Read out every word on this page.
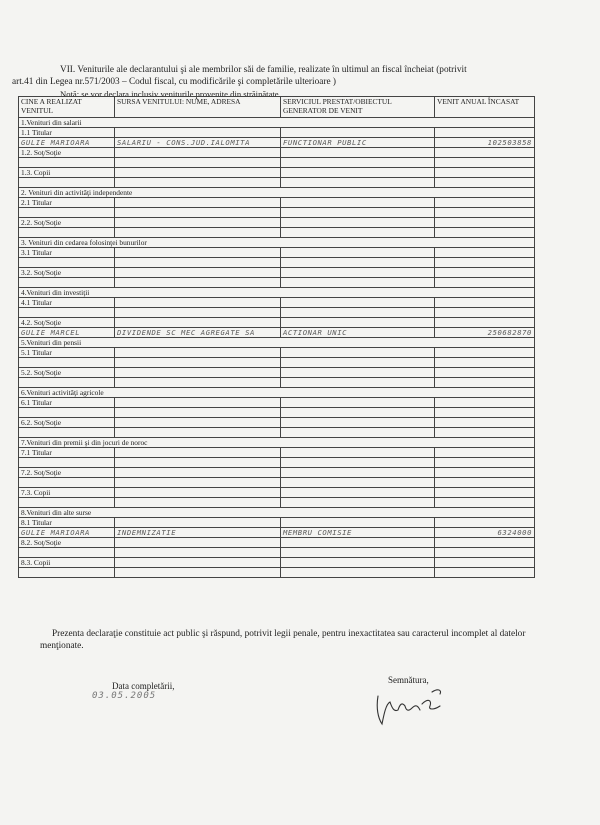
VII. Veniturile ale declarantului şi ale membrilor săi de familie, realizate în ultimul an fiscal încheiat (potrivit

art.41 din Legea nr.571/2003 – Codul fiscal, cu modificările şi completările ulterioare )

Notă: se vor declara inclusiv veniturile provenite din străinătate

CINE A REALIZAT VENITUL	SURSA VENITULUI: NUME, ADRESA	SERVICIUL PRESTAT/OBIECTUL GENERATOR DE VENIT	VENIT ANUAL ÎNCASAT
1.Venituri din salarii			
1.1 Titular			
GULIE MARIOARA	SALARIU - CONS.JUD.IALOMITA	FUNCTIONAR PUBLIC	102503858
1.2. Soţ/Soţie			

1.3. Copii			

2. Venituri din activităţi independente			
2.1 Titular			

2.2. Soţ/Soţie			

3. Venituri din cedarea folosinţei bunurilor			
3.1 Titular			

3.2. Soţ/Soţie			

4.Venituri din investiţii			
4.1 Titular			

4.2. Soţ/Soţie			
GULIE MARCEL	DIVIDENDE SC MEC AGREGATE SA	ACTIONAR UNIC	250682870
5.Venituri din pensii			
5.1 Titular			

5.2. Soţ/Soţie			

6.Venituri activităţi agricole			
6.1 Titular			

6.2. Soţ/Soţie			

7.Venituri din premii şi din jocuri de noroc			
7.1 Titular			

7.2. Soţ/Soţie			

7.3. Copii			

8.Venituri din alte surse			
8.1 Titular			
GULIE MARIOARA	INDEMNIZATIE	MEMBRU COMISIE	6324000
8.2. Soţ/Soţie			

8.3. Copii			

Prezenta declaraţie constituie act public şi răspund, potrivit legii penale, pentru inexactitatea sau caracterul incomplet al datelor menţionate.

Data completării,
03.05.2005
Semnătura,
